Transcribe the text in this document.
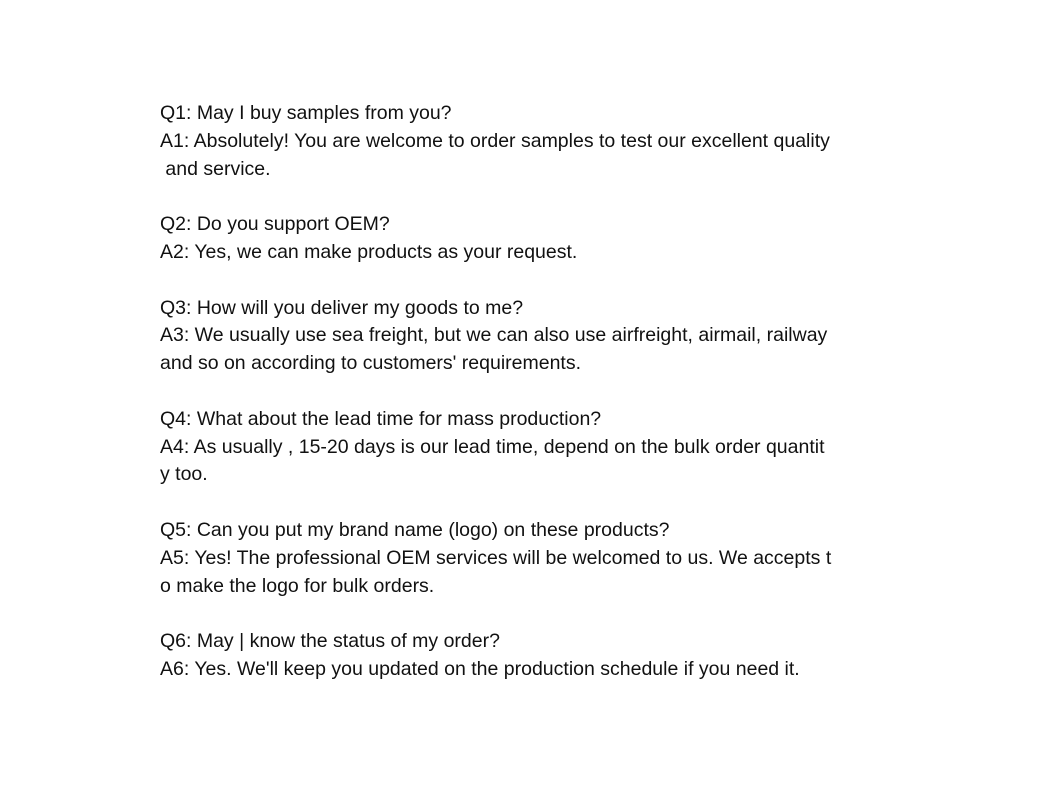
Q1: May I buy samples from you?
A1: Absolutely! You are welcome to order samples to test our excellent quality
and service.
Q2: Do you support OEM?
A2: Yes, we can make products as your request.
Q3: How will you deliver my goods to me?
A3: We usually use sea freight, but we can also use airfreight, airmail, railway
and so on according to customers' requirements.
Q4: What about the lead time for mass production?
A4: As usually , 15-20 days is our lead time, depend on the bulk order quantit
y too.
Q5: Can you put my brand name (logo) on these products?
A5: Yes! The professional OEM services will be welcomed to us. We accepts t
o make the logo for bulk orders.
Q6: May | know the status of my order?
A6: Yes. We'll keep you updated on the production schedule if you need it.
